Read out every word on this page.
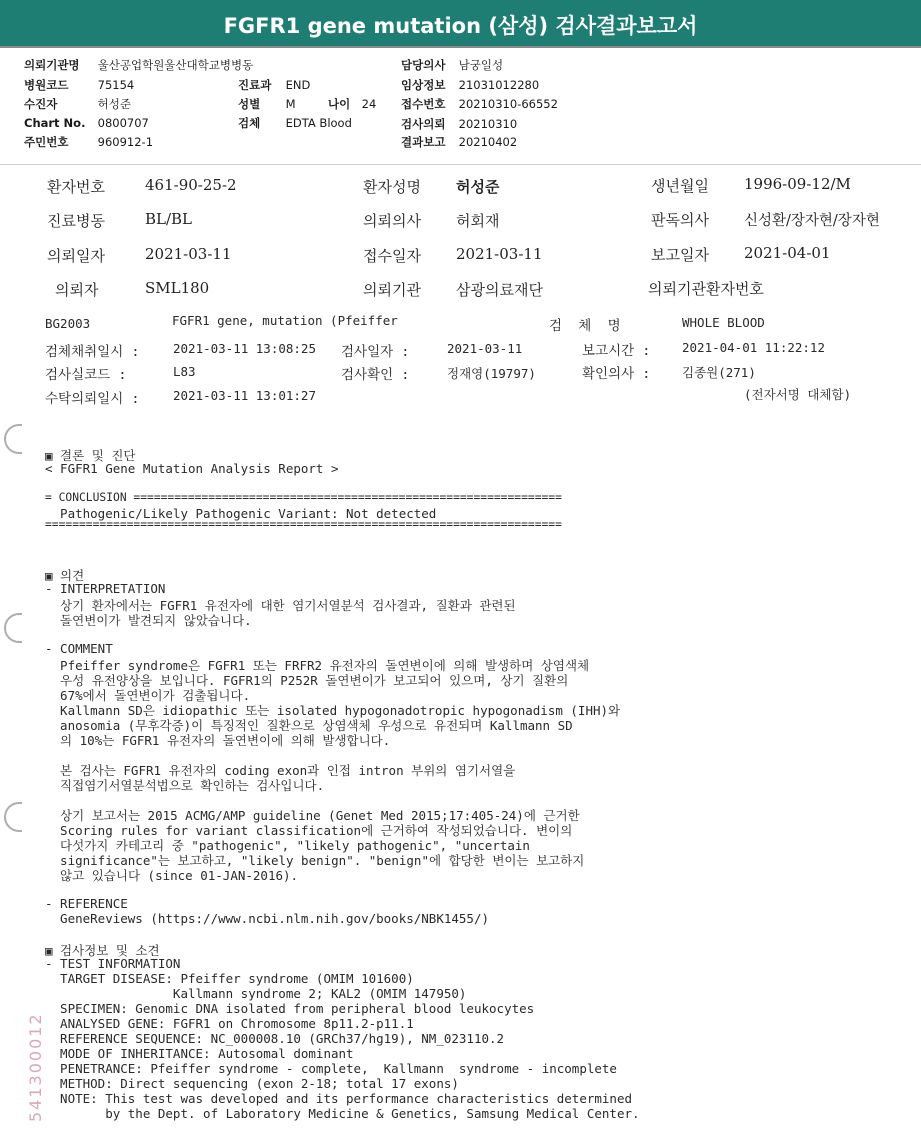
FGFR1 gene mutation (삼성) 검사결과보고서
의뢰기관명 울산공업학원울산대학교병병동
병원코드	75154
수진자	허성준
Chart No. 0800707
주민번호	960912-1
진료과 END
성별 M	나이 24
검체 EDTA Blood
담당의사 남궁일성
임상정보 21031012280
접수번호 20210310-66552
검사의뢰 20210310
결과보고 20210402
환자번호	461-90-25-2	환자성명 허성준	생년월일 1996-09-12/M
진료병동	BL/BL	의뢰의사 허회재	판독의사 신성환/장자현/장자현
의뢰일자	2021-03-11	접수일자 2021-03-11	보고일자 2021-04-01
의뢰자	SML180	의뢰기관 삼광의료재단	의뢰기관환자번호
BG2003	FGFR1 gene, mutation (Pfeiffer	검  체  명	WHOLE BLOOD
검체채취일시 :	2021-03-11 13:08:25 검사일자 :	2021-03-11	보고시간 :	2021-04-01 11:22:12
검사실코드 :	L83	검사확인 :	정재영(19797)	확인의사 :	김종원(271)
수탁의뢰일시 :	2021-03-11 13:01:27	(전자서명 대체함)
▣ 결론 및 진단
< FGFR1 Gene Mutation Analysis Report >
= CONCLUSION ===============================================================
Pathogenic/Likely Pathogenic Variant: Not detected
============================================================================
▣ 의견
- INTERPRETATION
상기 환자에서는 FGFR1 유전자에 대한 염기서열분석 검사결과, 질환과 관련된
돌연변이가 발견되지 않았습니다.
- COMMENT
Pfeiffer syndrome은 FGFR1 또는 FRFR2 유전자의 돌연변이에 의해 발생하며 상염색체
우성 유전양상을 보입니다. FGFR1의 P252R 돌연변이가 보고되어 있으며, 상기 질환의
67%에서 돌연변이가 검출됩니다.
Kallmann SD은 idiopathic 또는 isolated hypogonadotropic hypogonadism (IHH)와
anosomia (무후각증)이 특징적인 질환으로 상염색체 우성으로 유전되며 Kallmann SD
의 10%는 FGFR1 유전자의 돌연변이에 의해 발생합니다.
본 검사는 FGFR1 유전자의 coding exon과 인접 intron 부위의 염기서열을
직접염기서열분석법으로 확인하는 검사입니다.
상기 보고서는 2015 ACMG/AMP guideline (Genet Med 2015;17:405-24)에 근거한
Scoring rules for variant classification에 근거하여 작성되었습니다. 변이의
다섯가지 카테고리 중 "pathogenic", "likely pathogenic", "uncertain
significance"는 보고하고, "likely benign". "benign"에 합당한 변이는 보고하지
않고 있습니다 (since 01-JAN-2016).
- REFERENCE
GeneReviews (https://www.ncbi.nlm.nih.gov/books/NBK1455/)
▣ 검사정보 및 소견
- TEST INFORMATION
TARGET DISEASE: Pfeiffer syndrome (OMIM 101600)
Kallmann syndrome 2; KAL2 (OMIM 147950)
SPECIMEN: Genomic DNA isolated from peripheral blood leukocytes
ANALYSED GENE: FGFR1 on Chromosome 8p11.2-p11.1
REFERENCE SEQUENCE: NC_000008.10 (GRCh37/hg19), NM_023110.2
MODE OF INHERITANCE: Autosomal dominant
PENETRANCE: Pfeiffer syndrome - complete,  Kallmann  syndrome - incomplete
METHOD: Direct sequencing (exon 2-18; total 17 exons)
NOTE: This test was developed and its performance characteristics determined
by the Dept. of Laboratory Medicine & Genetics, Samsung Medical Center.
541300012
